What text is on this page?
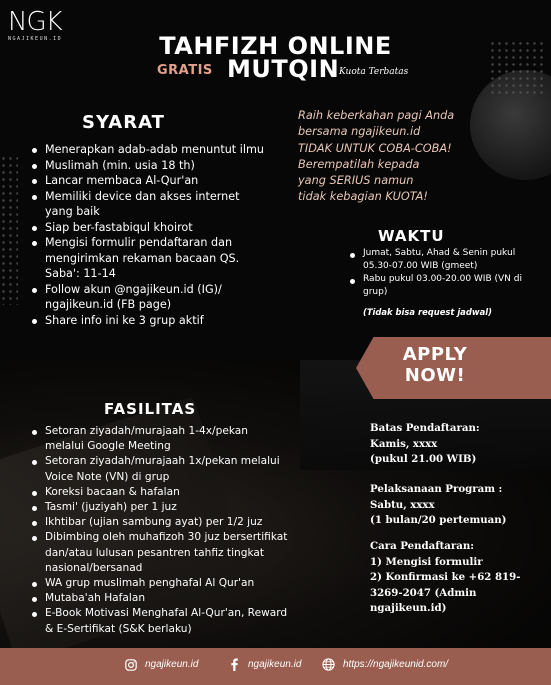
NGK
NGAJIKEUN.ID	TAHFIZH ONLINE
GRATIS MUTQIN Kuota Terbatas
SYARAT
Menerapkan adab-adab menuntut ilmu
Muslimah (min. usia 18 th)
Lancar membaca Al-Qur'an
Memiliki device dan akses internet yang baik
Siap ber-fastabiqul khoirot
Mengisi formulir pendaftaran dan mengirimkan rekaman bacaan QS. Saba': 11-14
Follow akun @ngajikeun.id (IG)/ ngajikeun.id (FB page)
Share info ini ke 3 grup aktif
Raih keberkahan pagi Anda
bersama ngajikeun.id
TIDAK UNTUK COBA-COBA!
Berempatilah kepada
yang SERIUS namun
tidak kebagian KUOTA!
WAKTU
Jumat, Sabtu, Ahad & Senin pukul 05.30-07.00 WIB (gmeet)
Rabu pukul 03.00-20.00 WIB (VN di grup)
(Tidak bisa request jadwal)
APPLY
NOW!
FASILITAS
Setoran ziyadah/murajaah 1-4x/pekan melalui Google Meeting
Setoran ziyadah/murajaah 1x/pekan melalui Voice Note (VN) di grup
Koreksi bacaan & hafalan
Tasmi' (juziyah) per 1 juz
Ikhtibar (ujian sambung ayat) per 1/2 juz
Dibimbing oleh muhafizoh 30 juz bersertifikat dan/atau lulusan pesantren tahfiz tingkat nasional/bersanad
WA grup muslimah penghafal Al Qur'an
Mutaba'ah Hafalan
E-Book Motivasi Menghafal Al-Qur'an, Reward & E-Sertifikat (S&K berlaku)
Batas Pendaftaran:
Kamis, xxxx
(pukul 21.00 WIB)
Pelaksanaan Program :
Sabtu, xxxx
(1 bulan/20 pertemuan)
Cara Pendaftaran:
1) Mengisi formulir
2) Konfirmasi ke +62 819-3269-2047 (Admin ngajikeun.id)
ngajikeun.id	ngajikeun.id	https://ngajikeunid.com/
